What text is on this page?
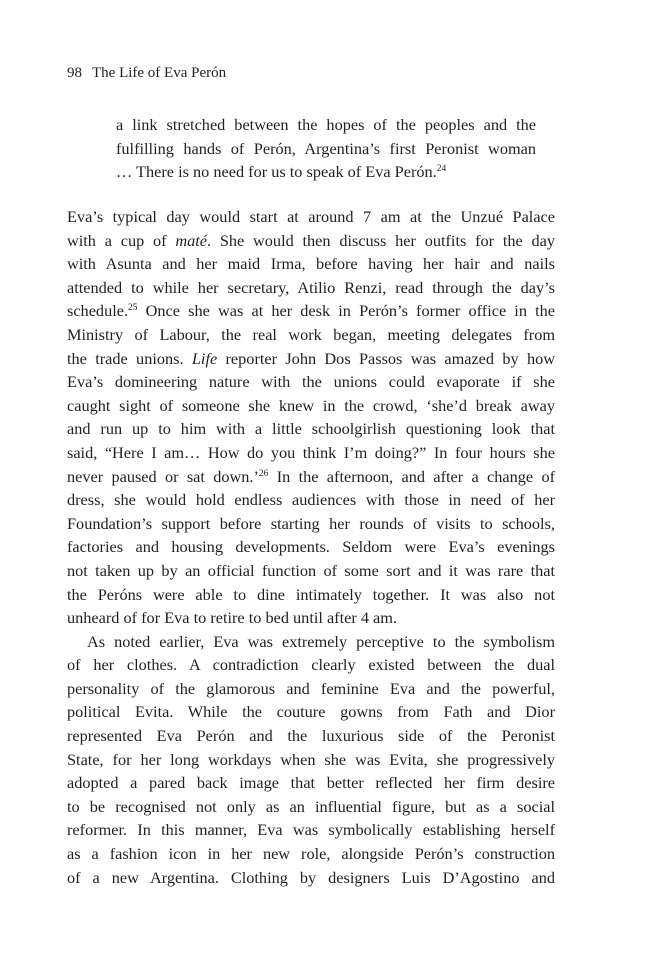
98 The Life of Eva Perón
a link stretched between the hopes of the peoples and the
fulfilling hands of Perón, Argentina’s first Peronist woman
… There is no need for us to speak of Eva Perón.$^{24}$
Eva’s typical day would start at around 7 am at the Unzué Palace
with a cup of maté. She would then discuss her outfits for the day
with Asunta and her maid Irma, before having her hair and nails
attended to while her secretary, Atilio Renzi, read through the day’s
schedule.$^{25}$ Once she was at her desk in Perón’s former office in the
Ministry of Labour, the real work began, meeting delegates from
the trade unions. Life reporter John Dos Passos was amazed by how
Eva’s domineering nature with the unions could evaporate if she
caught sight of someone she knew in the crowd, ‘she’d break away
and run up to him with a little schoolgirlish questioning look that
said, “Here I am… How do you think I’m doing?” In four hours she
never paused or sat down.’$^{26}$ In the afternoon, and after a change of
dress, she would hold endless audiences with those in need of her
Foundation’s support before starting her rounds of visits to schools,
factories and housing developments. Seldom were Eva’s evenings
not taken up by an official function of some sort and it was rare that
the Peróns were able to dine intimately together. It was also not
unheard of for Eva to retire to bed until after 4 am.
As noted earlier, Eva was extremely perceptive to the symbolism
of her clothes. A contradiction clearly existed between the dual
personality of the glamorous and feminine Eva and the powerful,
political Evita. While the couture gowns from Fath and Dior
represented Eva Perón and the luxurious side of the Peronist
State, for her long workdays when she was Evita, she progressively
adopted a pared back image that better reflected her firm desire
to be recognised not only as an influential figure, but as a social
reformer. In this manner, Eva was symbolically establishing herself
as a fashion icon in her new role, alongside Perón’s construction
of a new Argentina. Clothing by designers Luis D’Agostino and
